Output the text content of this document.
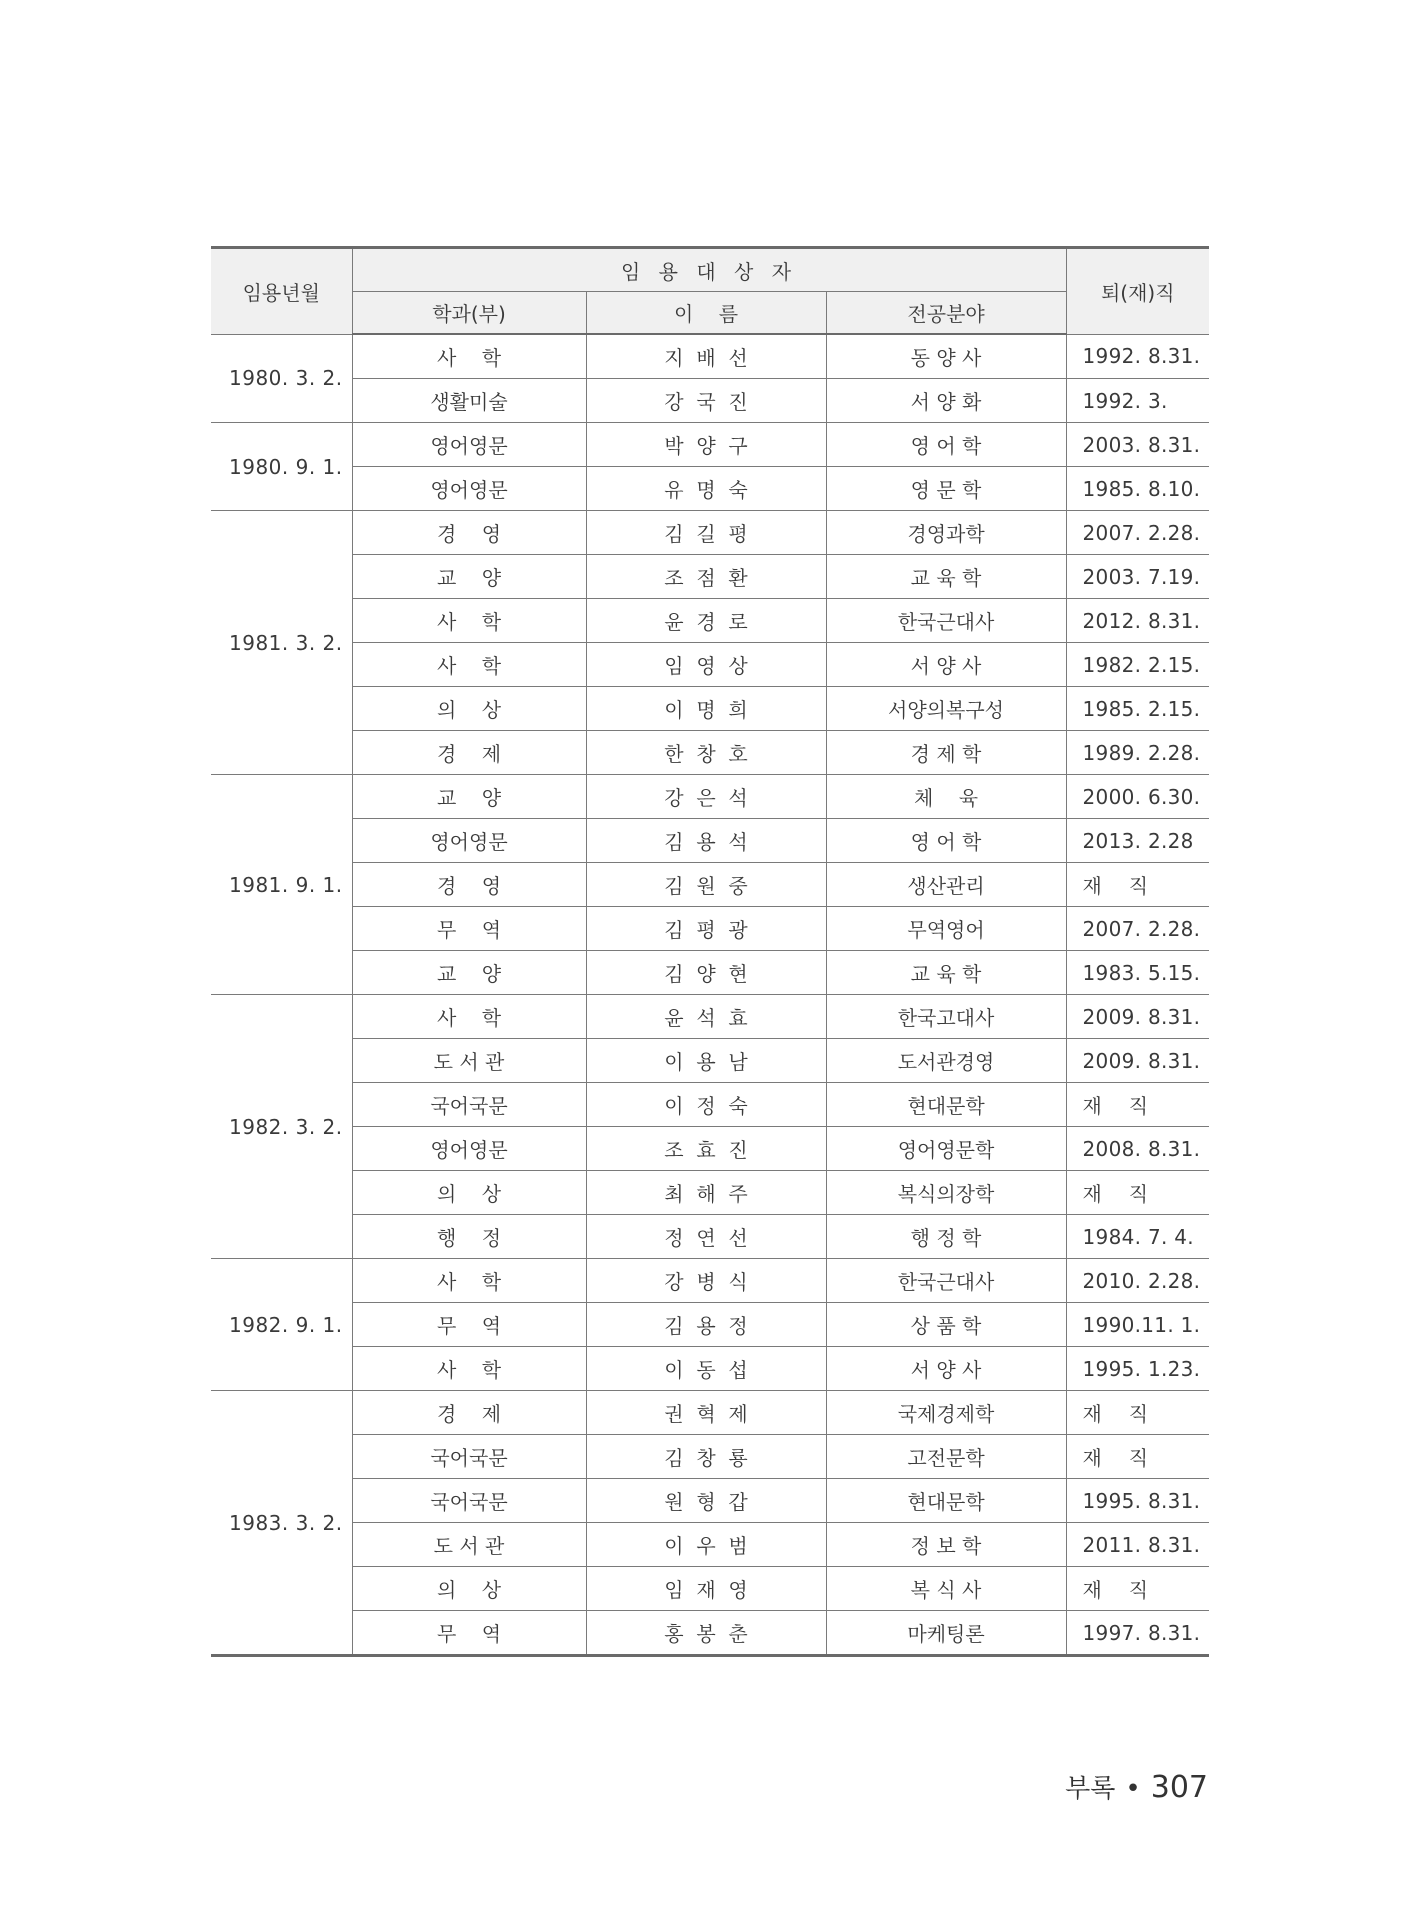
임용년월	임 용 대 상 자			퇴(재)직
	학과(부)	이    름	전공분야	
1980. 3. 2.	사    학	지  배  선	동 양 사	1992. 8.31.
	생활미술	강  국  진	서 양 화	1992. 3.
1980. 9. 1.	영어영문	박  양  구	영 어 학	2003. 8.31.
	영어영문	유  명  숙	영 문 학	1985. 8.10.
1981. 3. 2.	경    영	김  길  평	경영과학	2007. 2.28.
	교    양	조  점  환	교 육 학	2003. 7.19.
	사    학	윤  경  로	한국근대사	2012. 8.31.
	사    학	임  영  상	서 양 사	1982. 2.15.
	의    상	이  명  희	서양의복구성	1985. 2.15.
	경    제	한  창  호	경 제 학	1989. 2.28.
1981. 9. 1.	교    양	강  은  석	체    육	2000. 6.30.
	영어영문	김  용  석	영 어 학	2013. 2.28
	경    영	김  원  중	생산관리	재    직
	무    역	김  평  광	무역영어	2007. 2.28.
	교    양	김  양  현	교 육 학	1983. 5.15.
1982. 3. 2.	사    학	윤  석  효	한국고대사	2009. 8.31.
	도 서 관	이  용  남	도서관경영	2009. 8.31.
	국어국문	이  정  숙	현대문학	재    직
	영어영문	조  효  진	영어영문학	2008. 8.31.
	의    상	최  해  주	복식의장학	재    직
	행    정	정  연  선	행 정 학	1984. 7. 4.
1982. 9. 1.	사    학	강  병  식	한국근대사	2010. 2.28.
	무    역	김  용  정	상 품 학	1990.11. 1.
	사    학	이  동  섭	서 양 사	1995. 1.23.
1983. 3. 2.	경    제	권  혁  제	국제경제학	재    직
	국어국문	김  창  룡	고전문학	재    직
	국어국문	원  형  갑	현대문학	1995. 8.31.
	도 서 관	이  우  범	정 보 학	2011. 8.31.
	의    상	임  재  영	복 식 사	재    직
	무    역	홍  봉  춘	마케팅론	1997. 8.31.
부록 • 307
